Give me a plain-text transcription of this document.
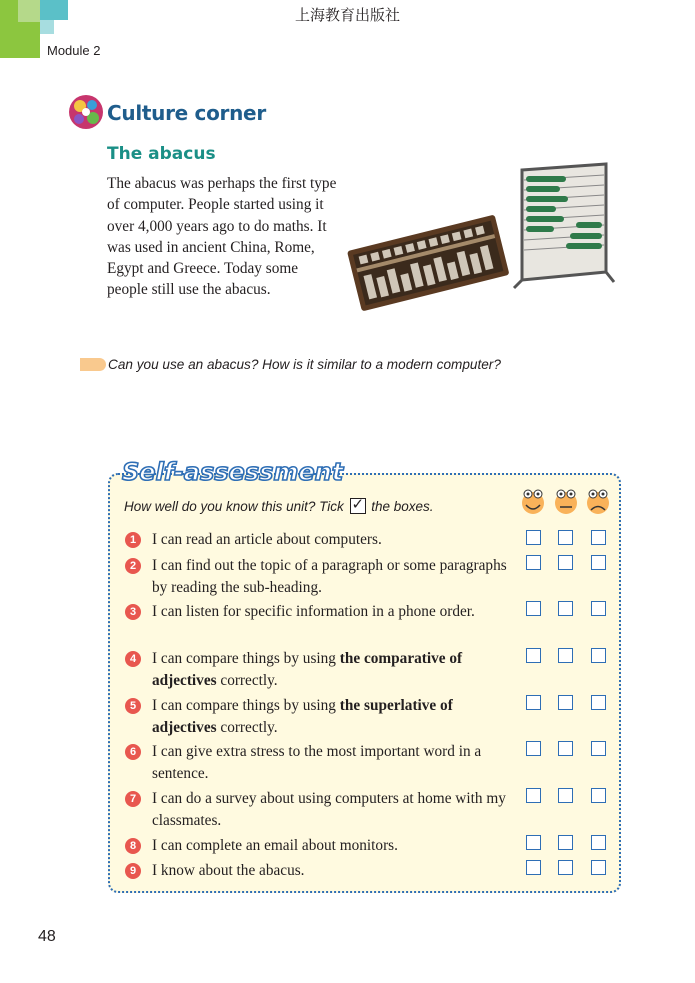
上海教育出版社
Module 2
Culture corner
The abacus
The abacus was perhaps the first type of computer. People started using it over 4,000 years ago to do maths. It was used in ancient China, Rome, Egypt and Greece. Today some people still use the abacus.
Can you use an abacus? How is it similar to a modern computer?
Self-assessment
How well do you know this unit? Tick ✓ the boxes.
1	I can read an article about computers.
2	I can find out the topic of a paragraph or some paragraphs by reading the sub-heading.
3	I can listen for specific information in a phone order.
4	I can compare things by using the comparative of adjectives correctly.
5	I can compare things by using the superlative of adjectives correctly.
6	I can give extra stress to the most important word in a sentence.
7	I can do a survey about using computers at home with my classmates.
8	I can complete an email about monitors.
9	I know about the abacus.
48
